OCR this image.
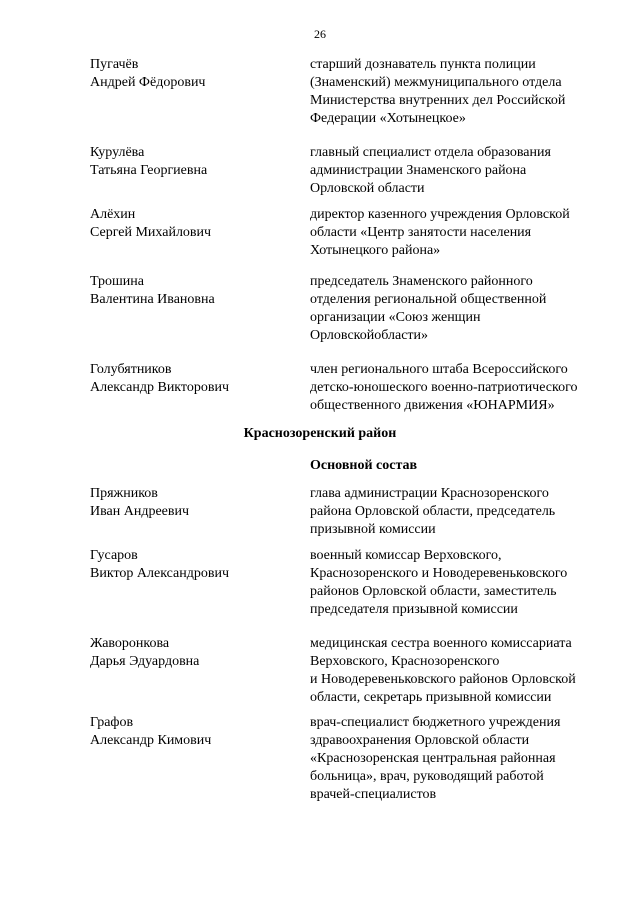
26
Пугачёв
Андрей Фёдорович
старший дознаватель пункта полиции
(Знаменский) межмуниципального отдела
Министерства внутренних дел Российской
Федерации «Хотынецкое»
Курулёва
Татьяна Георгиевна
главный специалист отдела образования
администрации Знаменского района
Орловской области
Алёхин
Сергей Михайлович
директор казенного учреждения Орловской
области «Центр занятости населения
Хотынецкого района»
Трошина
Валентина Ивановна
председатель Знаменского районного
отделения региональной общественной
организации «Союз женщин
Орловскойобласти»
Голубятников
Александр Викторович
член регионального штаба Всероссийского
детско-юношеского военно-патриотического
общественного движения «ЮНАРМИЯ»
Краснозоренский район
Основной состав
Пряжников
Иван Андреевич
глава администрации Краснозоренского
района Орловской области, председатель
призывной комиссии
Гусаров
Виктор Александрович
военный комиссар Верховского,
Краснозоренского и Новодеревеньковского
районов Орловской области, заместитель
председателя призывной комиссии
Жаворонкова
Дарья Эдуардовна
медицинская сестра военного комиссариата
Верховского, Краснозоренского
и Новодеревеньковского районов Орловской
области, секретарь призывной комиссии
Графов
Александр Кимович
врач-специалист бюджетного учреждения
здравоохранения Орловской области
«Краснозоренская центральная районная
больница», врач, руководящий работой
врачей-специалистов
